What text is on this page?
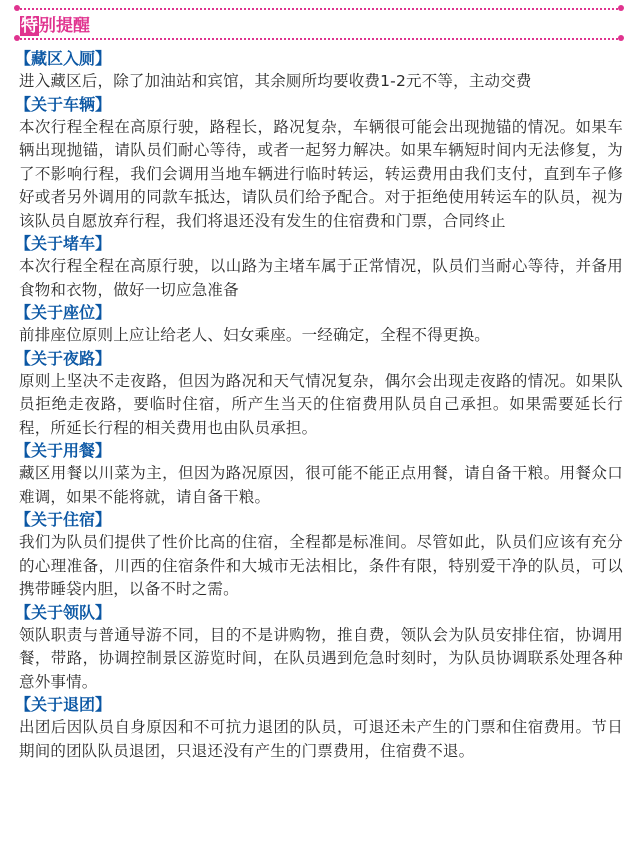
特别提醒
【藏区入厕】
进入藏区后，除了加油站和宾馆，其余厕所均要收费1-2元不等，主动交费
【关于车辆】
本次行程全程在高原行驶，路程长，路况复杂，车辆很可能会出现抛锚的情况。如果车辆出现抛锚，请队员们耐心等待，或者一起努力解决。如果车辆短时间内无法修复，为了不影响行程，我们会调用当地车辆进行临时转运，转运费用由我们支付，直到车子修好或者另外调用的同款车抵达，请队员们给予配合。对于拒绝使用转运车的队员，视为该队员自愿放弃行程，我们将退还没有发生的住宿费和门票，合同终止
【关于堵车】
本次行程全程在高原行驶，以山路为主堵车属于正常情况，队员们当耐心等待，并备用食物和衣物，做好一切应急准备
【关于座位】
前排座位原则上应让给老人、妇女乘座。一经确定，全程不得更换。
【关于夜路】
原则上坚决不走夜路，但因为路况和天气情况复杂，偶尔会出现走夜路的情况。如果队员拒绝走夜路，要临时住宿，所产生当天的住宿费用队员自己承担。如果需要延长行程，所延长行程的相关费用也由队员承担。
【关于用餐】
藏区用餐以川菜为主，但因为路况原因，很可能不能正点用餐，请自备干粮。用餐众口难调，如果不能将就，请自备干粮。
【关于住宿】
我们为队员们提供了性价比高的住宿，全程都是标准间。尽管如此，队员们应该有充分的心理准备，川西的住宿条件和大城市无法相比，条件有限，特别爱干净的队员，可以携带睡袋内胆，以备不时之需。
【关于领队】
领队职责与普通导游不同，目的不是讲购物，推自费，领队会为队员安排住宿，协调用餐，带路，协调控制景区游览时间，在队员遇到危急时刻时，为队员协调联系处理各种意外事情。
【关于退团】
出团后因队员自身原因和不可抗力退团的队员，可退还未产生的门票和住宿费用。节日期间的团队队员退团，只退还没有产生的门票费用，住宿费不退。
